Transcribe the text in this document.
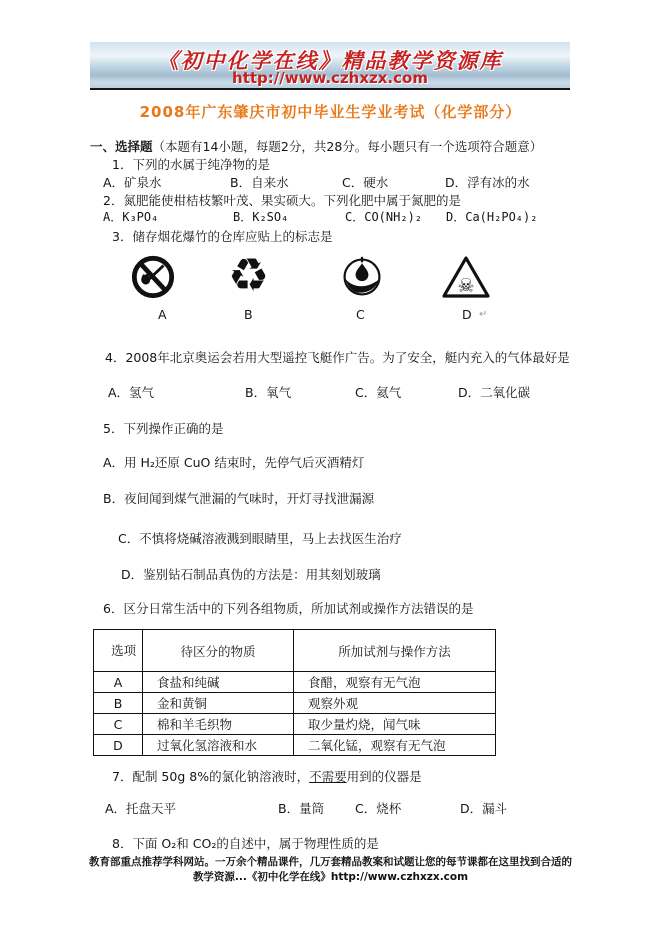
《初中化学在线》精品教学资源库
http://www.czhxzx.com
2008年广东肇庆市初中毕业生学业考试（化学部分）
一、选择题（本题有14小题，每题2分，共28分。每小题只有一个选项符合题意）
1．下列的水属于纯净物的是
A．矿泉水	B．自来水	C．硬水	D．浮有冰的水
2．氮肥能使柑桔枝繁叶茂、果实硕大。下列化肥中属于氮肥的是
A．K₃PO₄	B．K₂SO₄	C．CO(NH₂)₂ D．Ca(H₂PO₄)₂
3．储存烟花爆竹的仓库应贴上的标志是
♻	☠
A	B	C	D ↵
4．2008年北京奥运会若用大型遥控飞艇作广告。为了安全，艇内充入的气体最好是
A．氢气	B．氧气	C．氦气	D．二氧化碳
5．下列操作正确的是
A．用 H₂还原 CuO 结束时，先停气后灭酒精灯
B．夜间闻到煤气泄漏的气味时，开灯寻找泄漏源
C．不慎将烧碱溶液溅到眼睛里，马上去找医生治疗
D．鉴别钻石制品真伪的方法是：用其刻划玻璃
6．区分日常生活中的下列各组物质，所加试剂或操作方法错误的是
选项	待区分的物质	所加试剂与操作方法
A	食盐和纯碱	食醋，观察有无气泡
B	金和黄铜	观察外观
C	棉和羊毛织物	取少量灼烧，闻气味
D	过氧化氢溶液和水	二氧化锰，观察有无气泡
7．配制 50g 8%的氯化钠溶液时，不需要用到的仪器是
A．托盘天平	B．量筒 C．烧杯	D．漏斗
8．下面 O₂和 CO₂的自述中，属于物理性质的是
教育部重点推荐学科网站。一万余个精品课件，几万套精品教案和试题让您的每节课都在这里找到合适的
教学资源...《初中化学在线》http://www.czhxzx.com
